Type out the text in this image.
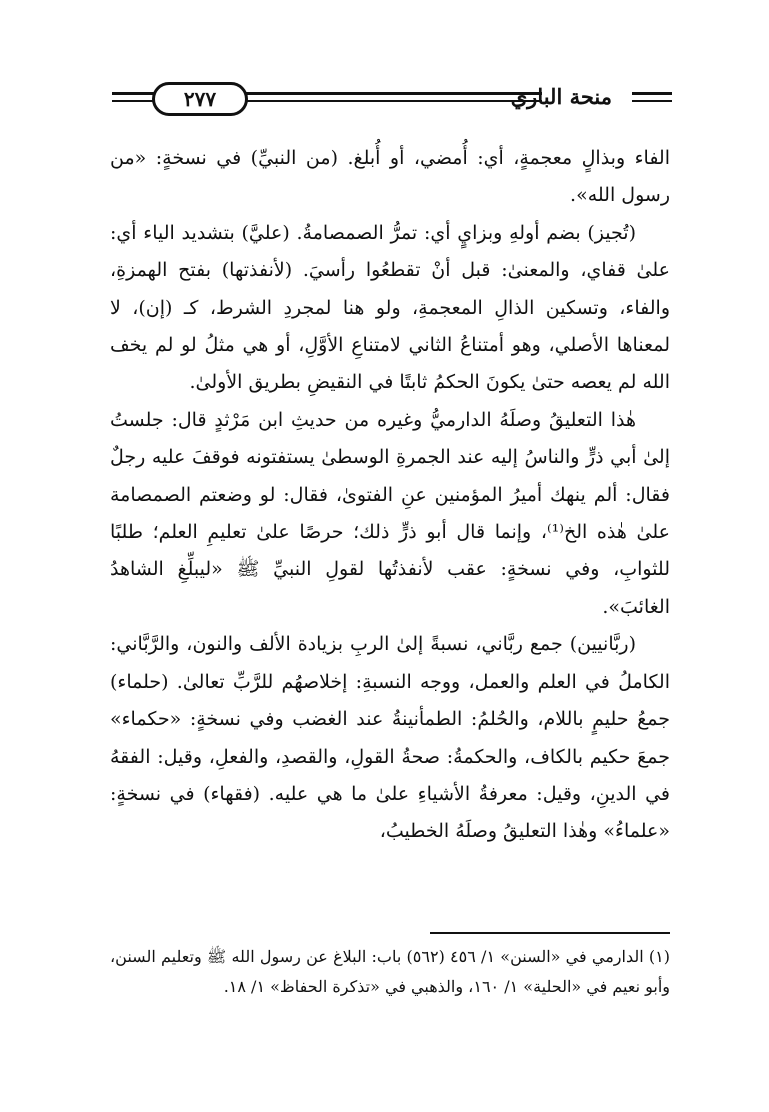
٢٧٧	منحة الباري

الفاء وبذالٍ معجمةٍ، أي: أُمضي، أو أُبلغ. (من النبيِّ) في نسخةٍ: «من رسول الله».

(تُجيز) بضم أولهِ وبزايٍ أي: تمرُّ الصمصامةُ. (عليَّ) بتشديد الياء أي: علىٰ قفاي، والمعنىٰ: قبل أنْ تقطعُوا رأسيَ. (لأنفذتها) بفتح الهمزةِ، والفاء، وتسكين الذالِ المعجمةِ، ولو هنا لمجردِ الشرط، كـ (إن)، لا لمعناها الأصلي، وهو أمتناعُ الثاني لامتناعِ الأوَّلِ، أو هي مثلُ لو لم يخف الله لم يعصه حتىٰ يكونَ الحكمُ ثابتًا في النقيضِ بطريق الأولىٰ.

هٰذا التعليقُ وصلَهُ الدارميُّ وغيره من حديثِ ابن مَرْثدٍ قال: جلستُ إلىٰ أبي ذرٍّ والناسُ إليه عند الجمرةِ الوسطىٰ يستفتونه فوقفَ عليه رجلٌ فقال: ألم ينهك أميرُ المؤمنين عنِ الفتوىٰ، فقال: لو وضعتم الصمصامة علىٰ هٰذه الخ⁽¹⁾، وإنما قال أبو ذرٍّ ذلك؛ حرصًا علىٰ تعليمِ العلم؛ طلبًا للثوابِ، وفي نسخةٍ: عقب لأنفذتُها لقولِ النبيِّ ﷺ «ليبلِّغِ الشاهدُ الغائبَ».

(ربَّانيين) جمع ربَّاني، نسبةً إلىٰ الربِ بزيادة الألف والنون، والرَّبَّاني: الكاملُ في العلم والعمل، ووجه النسبةِ: إخلاصهُم للرَّبِّ تعالىٰ. (حلماء) جمعُ حليمٍ باللام، والحُلمُ: الطمأنينةُ عند الغضب وفي نسخةٍ: «حكماء» جمعَ حكيم بالكاف، والحكمةُ: صحةُ القولِ، والقصدِ، والفعلِ، وقيل: الفقهُ في الدينِ، وقيل: معرفةُ الأشياءِ علىٰ ما هي عليه. (فقهاء) في نسخةٍ: «علماءُ» وهٰذا التعليقُ وصلَهُ الخطيبُ،

(١) الدارمي في «السنن» ١/ ٤٥٦ (٥٦٢) باب: البلاغ عن رسول الله ﷺ وتعليم السنن، وأبو نعيم في «الحلية» ١/ ١٦٠، والذهبي في «تذكرة الحفاظ» ١/ ١٨.
